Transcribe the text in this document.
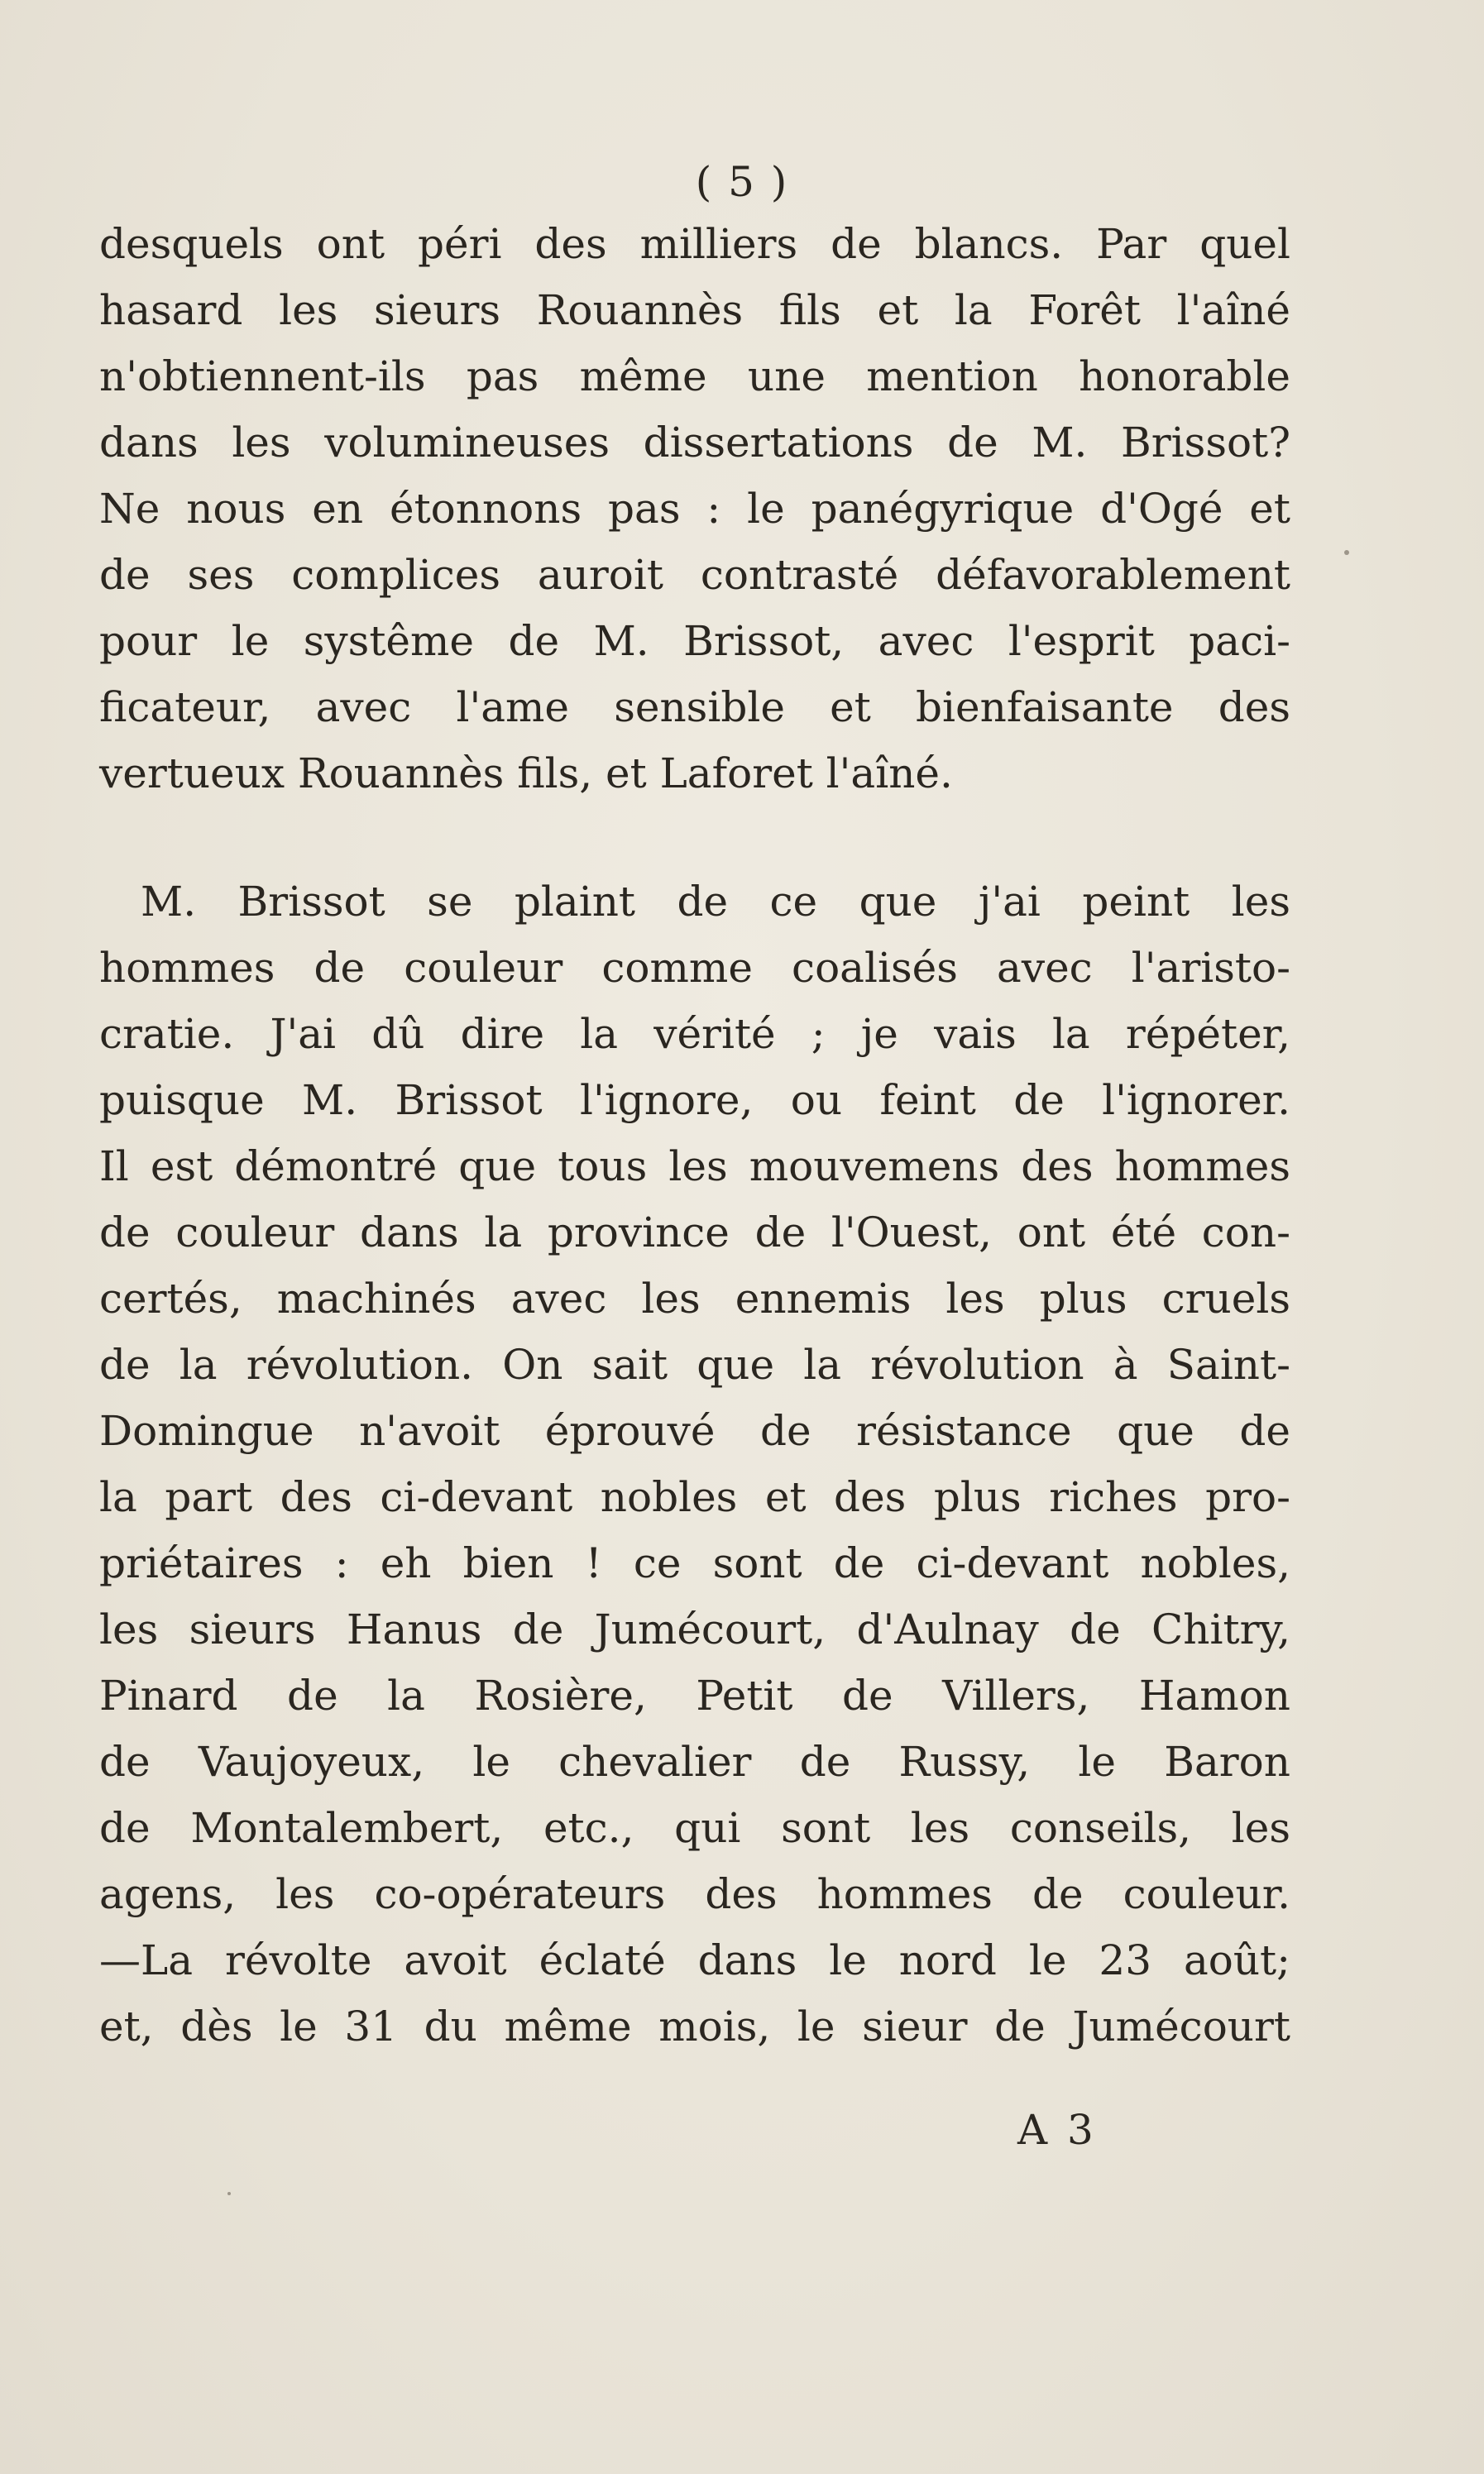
( 5 )
desquels ont péri des milliers de blancs. Par quel
hasard les sieurs Rouannès fils et la Forêt l'aîné
n'obtiennent-ils pas même une mention honorable
dans les volumineuses dissertations de M. Brissot?
Ne nous en étonnons pas : le panégyrique d'Ogé et
de ses complices auroit contrasté défavorablement
pour le systême de M. Brissot, avec l'esprit paci-
ficateur, avec l'ame sensible et bienfaisante des
vertueux Rouannès fils, et Laforet l'aîné.
M. Brissot se plaint de ce que j'ai peint les
hommes de couleur comme coalisés avec l'aristo-
cratie. J'ai dû dire la vérité ; je vais la répéter,
puisque M. Brissot l'ignore, ou feint de l'ignorer.
Il est démontré que tous les mouvemens des hommes
de couleur dans la province de l'Ouest, ont été con-
certés, machinés avec les ennemis les plus cruels
de la révolution. On sait que la révolution à Saint-
Domingue n'avoit éprouvé de résistance que de
la part des ci-devant nobles et des plus riches pro-
priétaires : eh bien ! ce sont de ci-devant nobles,
les sieurs Hanus de Jumécourt, d'Aulnay de Chitry,
Pinard de la Rosière, Petit de Villers, Hamon
de Vaujoyeux, le chevalier de Russy, le Baron
de Montalembert, etc., qui sont les conseils, les
agens, les co-opérateurs des hommes de couleur.
—La révolte avoit éclaté dans le nord le 23 août;
et, dès le 31 du même mois, le sieur de Jumécourt
A 3
